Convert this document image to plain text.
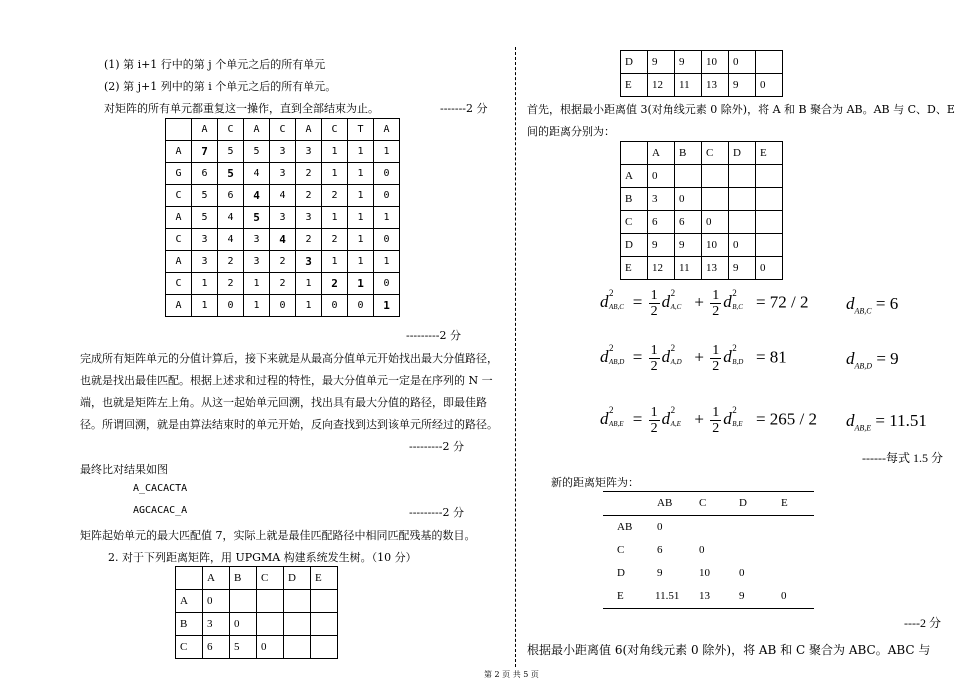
(1) 第 i+1 行中的第 j 个单元之后的所有单元
(2) 第 j+1 列中的第 i 个单元之后的所有单元。
对矩阵的所有单元都重复这一操作，直到全部结束为止。	-------2 分
	A	C	A	C	A	C	T	A
A	7	5	5	3	3	1	1	1
G	6	5	4	3	2	1	1	0
C	5	6	4	4	2	2	1	0
A	5	4	5	3	3	1	1	1
C	3	4	3	4	2	2	1	0
A	3	2	3	2	3	1	1	1
C	1	2	1	2	1	2	1	0
A	1	0	1	0	1	0	0	1
---------2 分
完成所有矩阵单元的分值计算后，接下来就是从最高分值单元开始找出最大分值路径，
也就是找出最佳匹配。根据上述求和过程的特性，最大分值单元一定是在序列的 N 一
端，也就是矩阵左上角。从这一起始单元回溯，找出具有最大分值的路径，即最佳路
径。所谓回溯，就是由算法结束时的单元开始，反向查找到达到该单元所经过的路径。
---------2 分
最终比对结果如图
A_CACACTA
AGCACAC_A	---------2 分
矩阵起始单元的最大匹配值 7，实际上就是最佳匹配路径中相同匹配残基的数目。
2. 对于下列距离矩阵，用 UPGMA 构建系统发生树。（10 分）
	A	B	C	D	E
A	0				
B	3	0			
C	6	5	0		
D	9	9	10	0	
E	12	11	13	9	0
首先，根据最小距离值 3(对角线元素 0 除外)，将 A 和 B 聚合为 AB。AB 与 C、D、E
间的距离分别为：
	A	B	C	D	E
A	0				
B	3	0			
C	6	6	0		
D	9	9	10	0	
E	12	11	13	9	0
d 2
$AB,C = \frac{1}{2}$ d 2
$A,C + \frac{1}{2}$ d 2
B,C = 72 / 2 $d_{AB,C} = 6$
d 2
$AB,D = \frac{1}{2}$ d 2
$A,D + \frac{1}{2}$ d 2
B,D = 81	$d_{AB,D} = 9$
d 2
$AB,E = \frac{1}{2}$ d 2
$A,E + \frac{1}{2}$ d 2
B,E = 265 / 2 $d_{AB,E} = 11.51$
------每式 1.5 分
新的距离矩阵为：
AB C	D	E
AB 0
C	6	0
D	9	10	0
E	11.51 13	9	0
----2 分
根据最小距离值 6(对角线元素 0 除外)，将 AB 和 C 聚合为 ABC。ABC 与
第 2 页 共 5 页
